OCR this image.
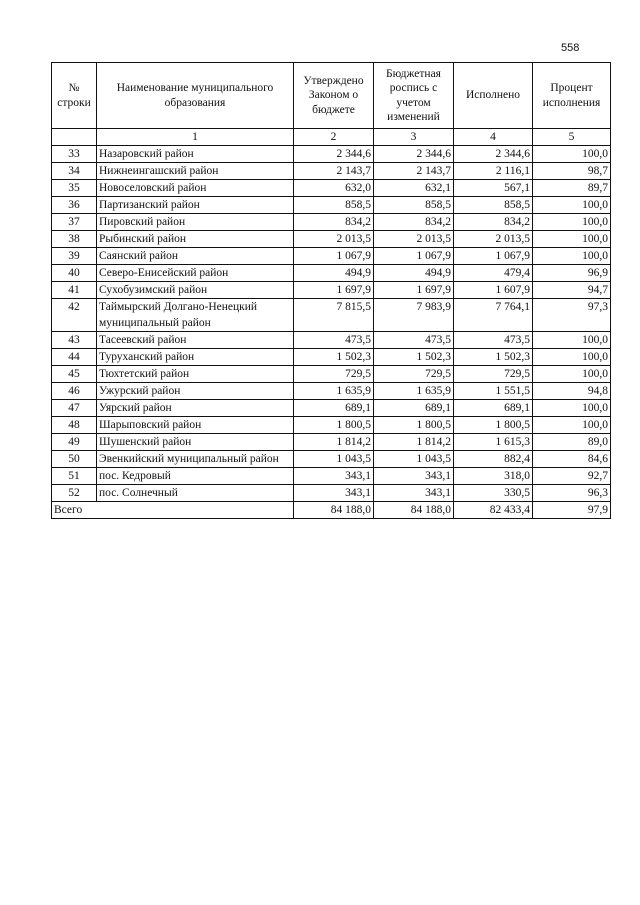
558
№ строки	Наименование муниципального образования	Утверждено Законом о бюджете	Бюджетная роспись с учетом изменений	Исполнено	Процент исполнения
	1	2	3	4	5
33	Назаровский район	2 344,6	2 344,6	2 344,6	100,0
34	Нижнеингашский район	2 143,7	2 143,7	2 116,1	98,7
35	Новоселовский район	632,0	632,1	567,1	89,7
36	Партизанский район	858,5	858,5	858,5	100,0
37	Пировский район	834,2	834,2	834,2	100,0
38	Рыбинский район	2 013,5	2 013,5	2 013,5	100,0
39	Саянский район	1 067,9	1 067,9	1 067,9	100,0
40	Северо-Енисейский район	494,9	494,9	479,4	96,9
41	Сухобузимский район	1 697,9	1 697,9	1 607,9	94,7
42	Таймырский Долгано-Ненецкий муниципальный район	7 815,5	7 983,9	7 764,1	97,3
43	Тасеевский район	473,5	473,5	473,5	100,0
44	Туруханский район	1 502,3	1 502,3	1 502,3	100,0
45	Тюхтетский район	729,5	729,5	729,5	100,0
46	Ужурский район	1 635,9	1 635,9	1 551,5	94,8
47	Уярский район	689,1	689,1	689,1	100,0
48	Шарыповский район	1 800,5	1 800,5	1 800,5	100,0
49	Шушенский район	1 814,2	1 814,2	1 615,3	89,0
50	Эвенкийский муниципальный район	1 043,5	1 043,5	882,4	84,6
51	пос. Кедровый	343,1	343,1	318,0	92,7
52	пос. Солнечный	343,1	343,1	330,5	96,3
Всего		84 188,0	84 188,0	82 433,4	97,9
